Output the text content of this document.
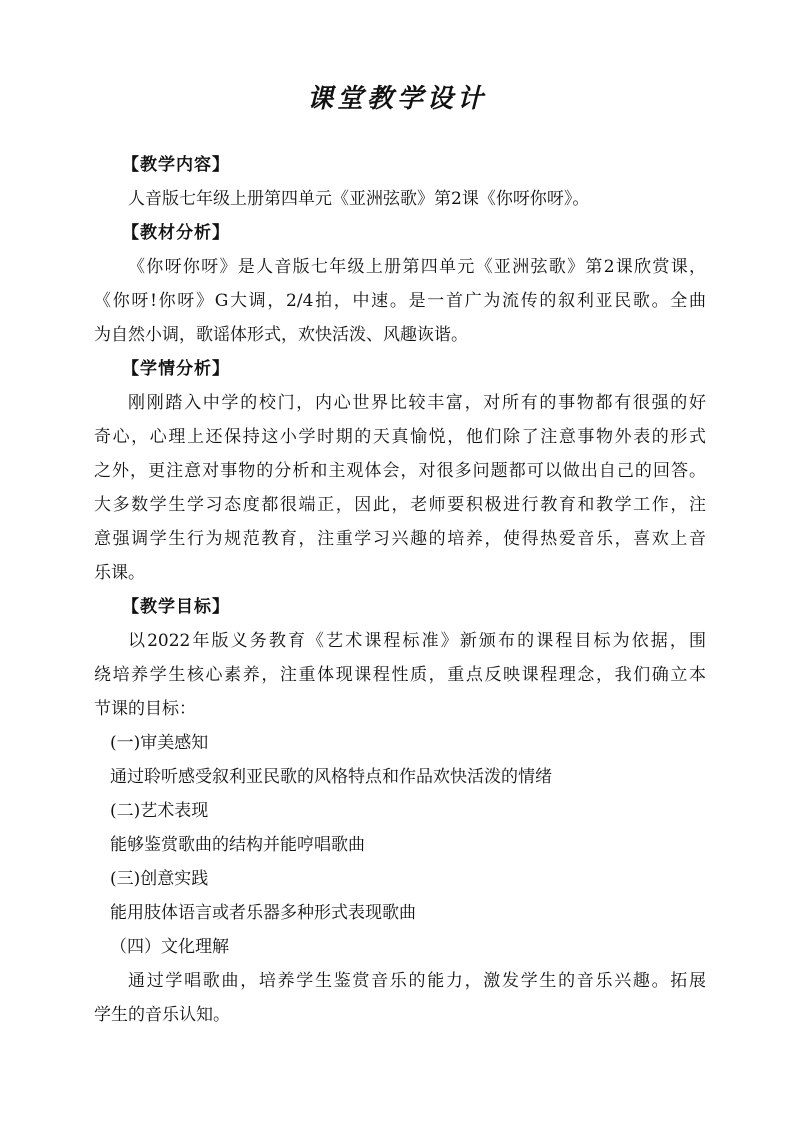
课堂教学设计
【教学内容】
人音版七年级上册第四单元《亚洲弦歌》第2课《你呀你呀》。
【教材分析】
《你呀你呀》是人音版七年级上册第四单元《亚洲弦歌》第2课欣赏课，
《你呀!你呀》G大调，2/4拍，中速。是一首广为流传的叙利亚民歌。全曲
为自然小调，歌谣体形式，欢快活泼、风趣诙谐。
【学情分析】
刚刚踏入中学的校门，内心世界比较丰富，对所有的事物都有很强的好
奇心，心理上还保持这小学时期的天真愉悦，他们除了注意事物外表的形式
之外，更注意对事物的分析和主观体会，对很多问题都可以做出自己的回答。
大多数学生学习态度都很端正，因此，老师要积极进行教育和教学工作，注
意强调学生行为规范教育，注重学习兴趣的培养，使得热爱音乐，喜欢上音
乐课。
【教学目标】
以2022年版义务教育《艺术课程标准》新颁布的课程目标为依据，围
绕培养学生核心素养，注重体现课程性质，重点反映课程理念，我们确立本
节课的目标：
(一)审美感知
通过聆听感受叙利亚民歌的风格特点和作品欢快活泼的情绪
(二)艺术表现
能够鉴赏歌曲的结构并能哼唱歌曲
(三)创意实践
能用肢体语言或者乐器多种形式表现歌曲
（四）文化理解
通过学唱歌曲，培养学生鉴赏音乐的能力，激发学生的音乐兴趣。拓展
学生的音乐认知。
